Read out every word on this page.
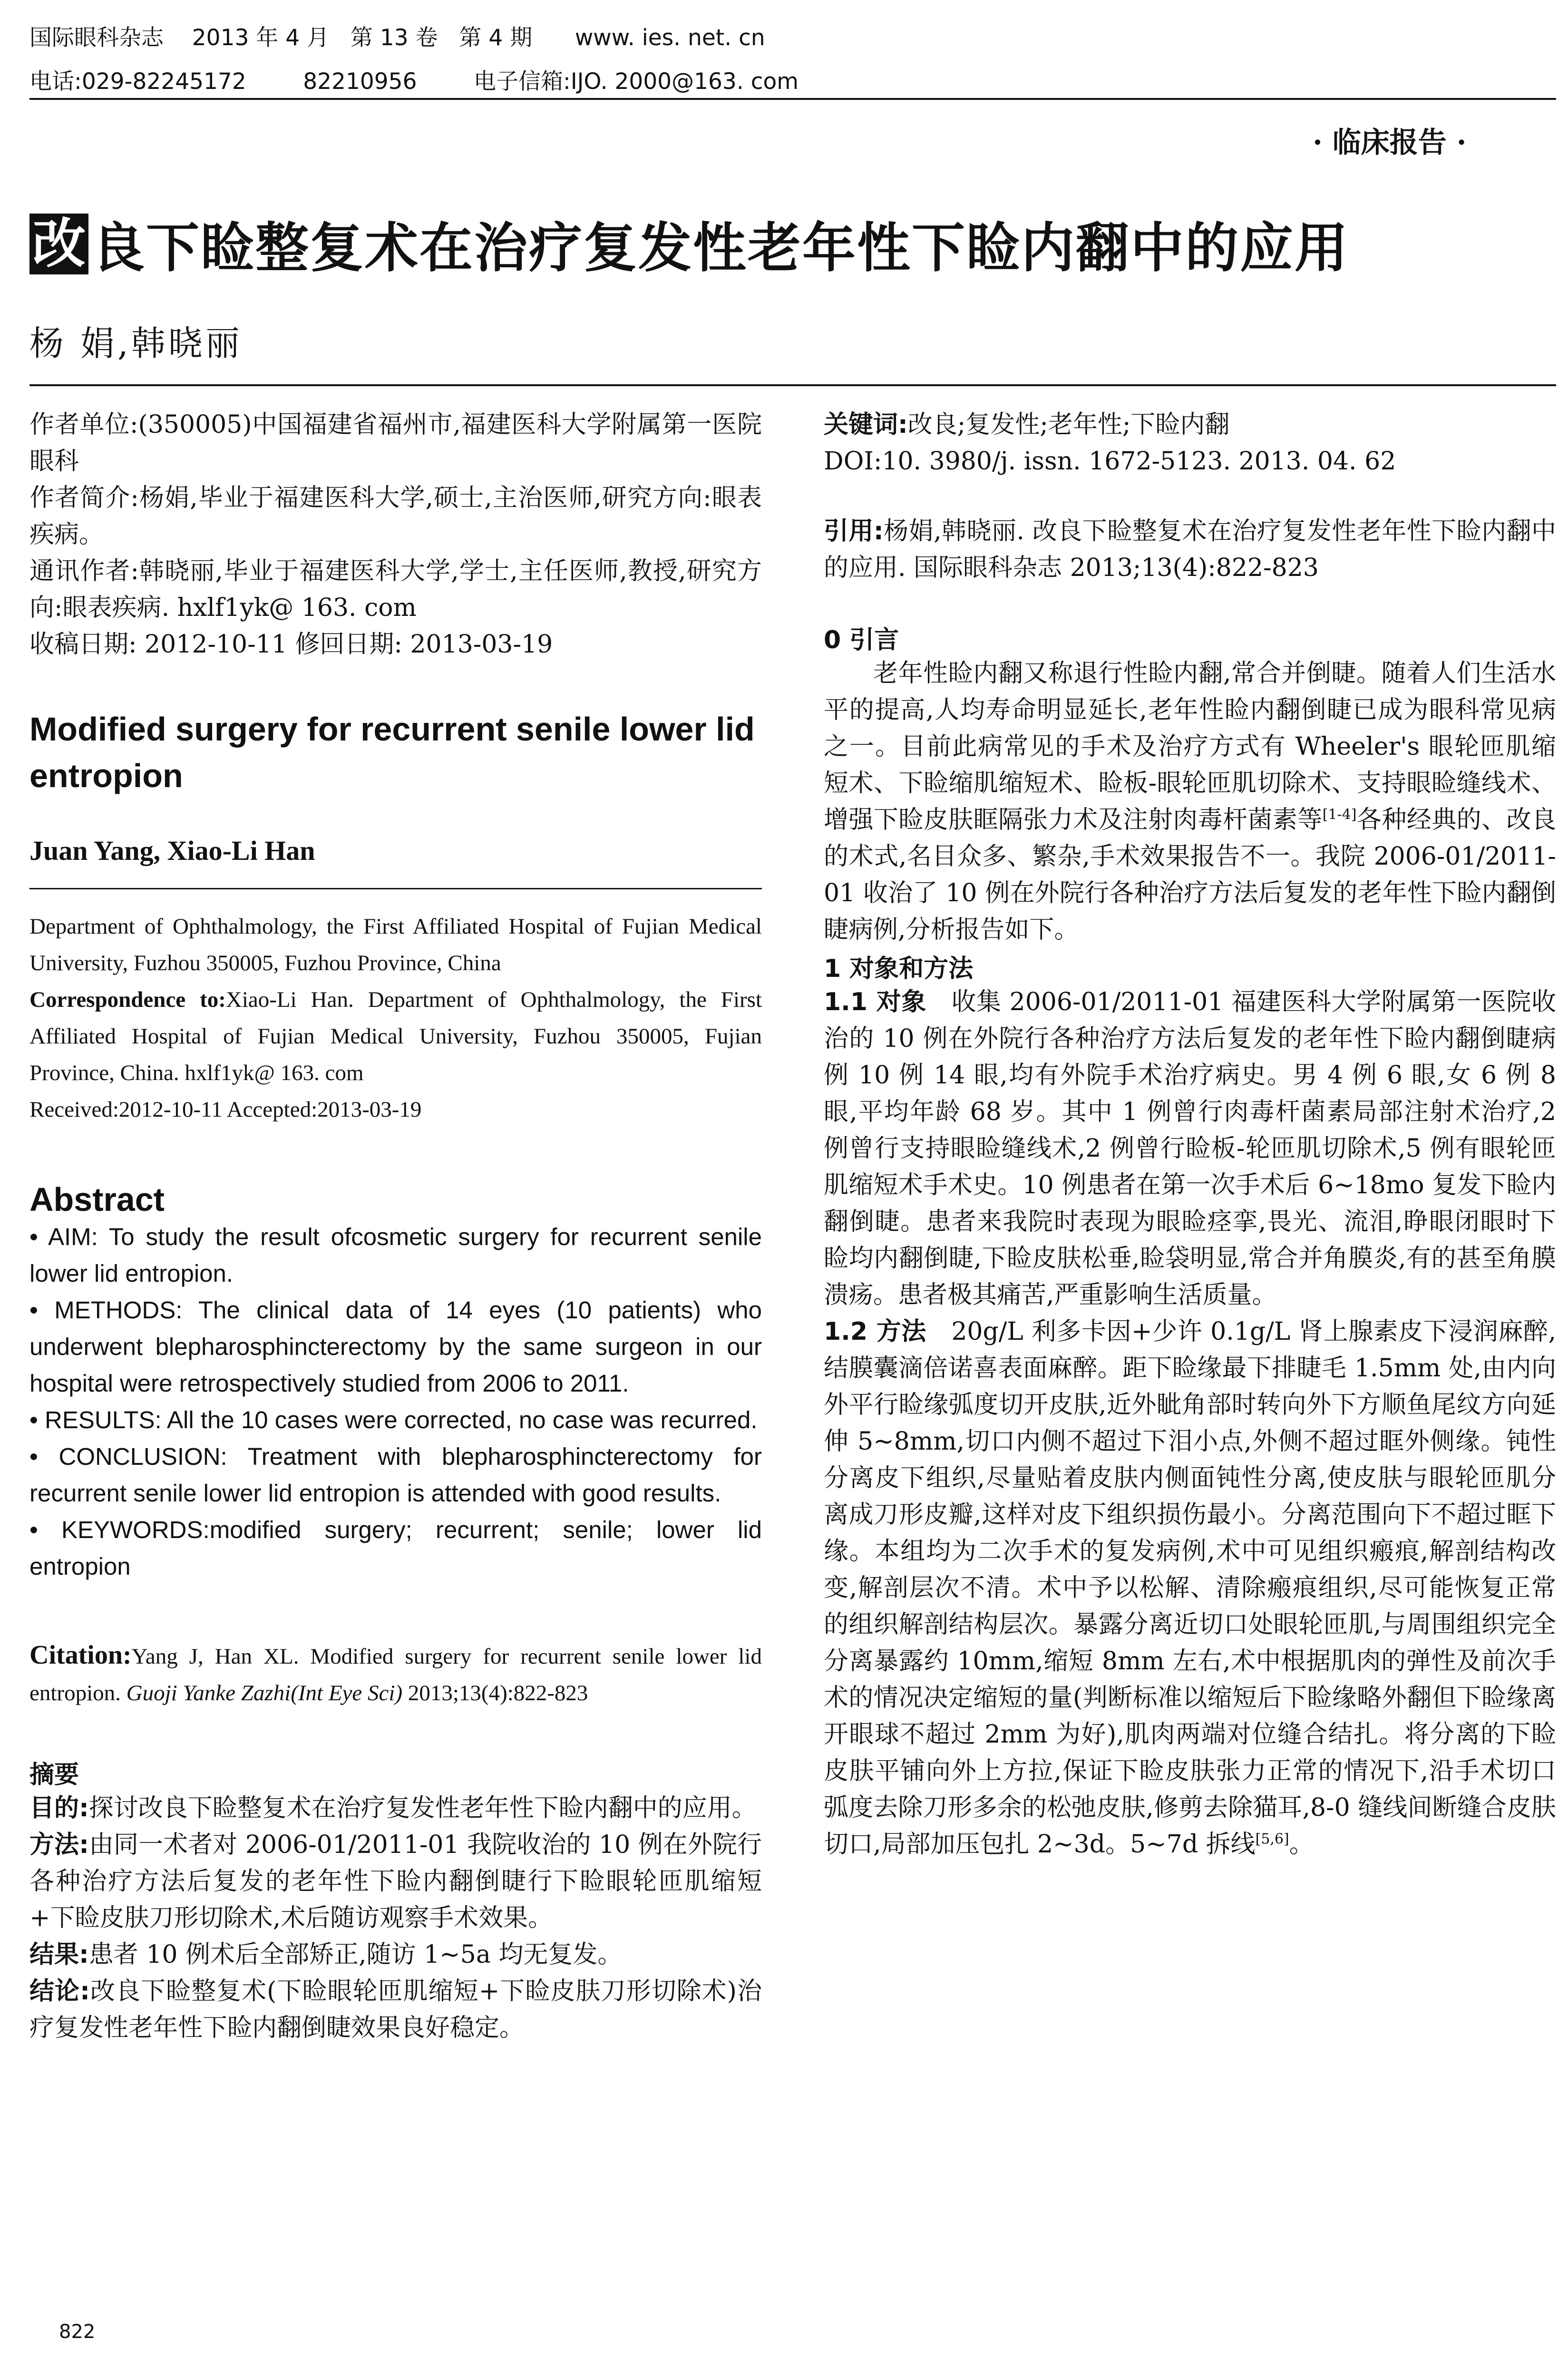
国际眼科杂志    2013 年 4 月   第 13 卷   第 4 期      www. ies. net. cn
电话:029-82245172        82210956        电子信箱:IJO. 2000@163. com
· 临床报告 ·
改 良下睑整复术在治疗复发性老年性下睑内翻中的应用
杨 娟,韩晓丽

作者单位:(350005)中国福建省福州市,福建医科大学附属第一医院眼科

作者简介:杨娟,毕业于福建医科大学,硕士,主治医师,研究方向:眼表疾病。

通讯作者:韩晓丽,毕业于福建医科大学,学士,主任医师,教授,研究方向:眼表疾病. hxlf1yk@ 163. com

收稿日期: 2012-10-11 修回日期: 2013-03-19

Modified surgery for recurrent senile lower lid entropion

Juan Yang, Xiao-Li Han

Department of Ophthalmology, the First Affiliated Hospital of Fujian Medical University, Fuzhou 350005, Fuzhou Province, China

Correspondence to:Xiao-Li Han. Department of Ophthalmology, the First Affiliated Hospital of Fujian Medical University, Fuzhou 350005, Fujian Province, China. hxlf1yk@ 163. com

Received:2012-10-11 Accepted:2013-03-19

Abstract

• AIM: To study the result ofcosmetic surgery for recurrent senile lower lid entropion.

• METHODS: The clinical data of 14 eyes (10 patients) who underwent blepharosphincterectomy by the same surgeon in our hospital were retrospectively studied from 2006 to 2011.

• RESULTS: All the 10 cases were corrected, no case was recurred.

• CONCLUSION: Treatment with blepharosphincterectomy for recurrent senile lower lid entropion is attended with good results.

• KEYWORDS:modified surgery; recurrent; senile; lower lid entropion

Citation:Yang J, Han XL. Modified surgery for recurrent senile lower lid entropion. Guoji Yanke Zazhi(Int Eye Sci) 2013;13(4):822-823

摘要

目的:探讨改良下睑整复术在治疗复发性老年性下睑内翻中的应用。

方法:由同一术者对 2006-01/2011-01 我院收治的 10 例在外院行各种治疗方法后复发的老年性下睑内翻倒睫行下睑眼轮匝肌缩短+下睑皮肤刀形切除术,术后随访观察手术效果。

结果:患者 10 例术后全部矫正,随访 1~5a 均无复发。

结论:改良下睑整复术(下睑眼轮匝肌缩短+下睑皮肤刀形切除术)治疗复发性老年性下睑内翻倒睫效果良好稳定。

822

关键词:改良;复发性;老年性;下睑内翻

DOI:10. 3980/j. issn. 1672-5123. 2013. 04. 62

引用:杨娟,韩晓丽. 改良下睑整复术在治疗复发性老年性下睑内翻中的应用. 国际眼科杂志 2013;13(4):822-823

0 引言

老年性睑内翻又称退行性睑内翻,常合并倒睫。随着人们生活水平的提高,人均寿命明显延长,老年性睑内翻倒睫已成为眼科常见病之一。目前此病常见的手术及治疗方式有 Wheeler's 眼轮匝肌缩短术、下睑缩肌缩短术、睑板-眼轮匝肌切除术、支持眼睑缝线术、增强下睑皮肤眶隔张力术及注射肉毒杆菌素等[1-4]各种经典的、改良的术式,名目众多、繁杂,手术效果报告不一。我院 2006-01/2011-01 收治了 10 例在外院行各种治疗方法后复发的老年性下睑内翻倒睫病例,分析报告如下。

1 对象和方法

1.1 对象　 收集 2006-01/2011-01 福建医科大学附属第一医院收治的 10 例在外院行各种治疗方法后复发的老年性下睑内翻倒睫病例 10 例 14 眼,均有外院手术治疗病史。男 4 例 6 眼,女 6 例 8 眼,平均年龄 68 岁。其中 1 例曾行肉毒杆菌素局部注射术治疗,2 例曾行支持眼睑缝线术,2 例曾行睑板-轮匝肌切除术,5 例有眼轮匝肌缩短术手术史。10 例患者在第一次手术后 6~18mo 复发下睑内翻倒睫。患者来我院时表现为眼睑痉挛,畏光、流泪,睁眼闭眼时下睑均内翻倒睫,下睑皮肤松垂,睑袋明显,常合并角膜炎,有的甚至角膜溃疡。患者极其痛苦,严重影响生活质量。

1.2 方法　 20g/L 利多卡因+少许 0.1g/L 肾上腺素皮下浸润麻醉,结膜囊滴倍诺喜表面麻醉。距下睑缘最下排睫毛 1.5mm 处,由内向外平行睑缘弧度切开皮肤,近外眦角部时转向外下方顺鱼尾纹方向延伸 5~8mm,切口内侧不超过下泪小点,外侧不超过眶外侧缘。钝性分离皮下组织,尽量贴着皮肤内侧面钝性分离,使皮肤与眼轮匝肌分离成刀形皮瓣,这样对皮下组织损伤最小。分离范围向下不超过眶下缘。本组均为二次手术的复发病例,术中可见组织瘢痕,解剖结构改变,解剖层次不清。术中予以松解、清除瘢痕组织,尽可能恢复正常的组织解剖结构层次。暴露分离近切口处眼轮匝肌,与周围组织完全分离暴露约 10mm,缩短 8mm 左右,术中根据肌肉的弹性及前次手术的情况决定缩短的量(判断标准以缩短后下睑缘略外翻但下睑缘离开眼球不超过 2mm 为好),肌肉两端对位缝合结扎。将分离的下睑皮肤平铺向外上方拉,保证下睑皮肤张力正常的情况下,沿手术切口弧度去除刀形多余的松弛皮肤,修剪去除猫耳,8-0 缝线间断缝合皮肤切口,局部加压包扎 2~3d。5~7d 拆线[5,6]。
